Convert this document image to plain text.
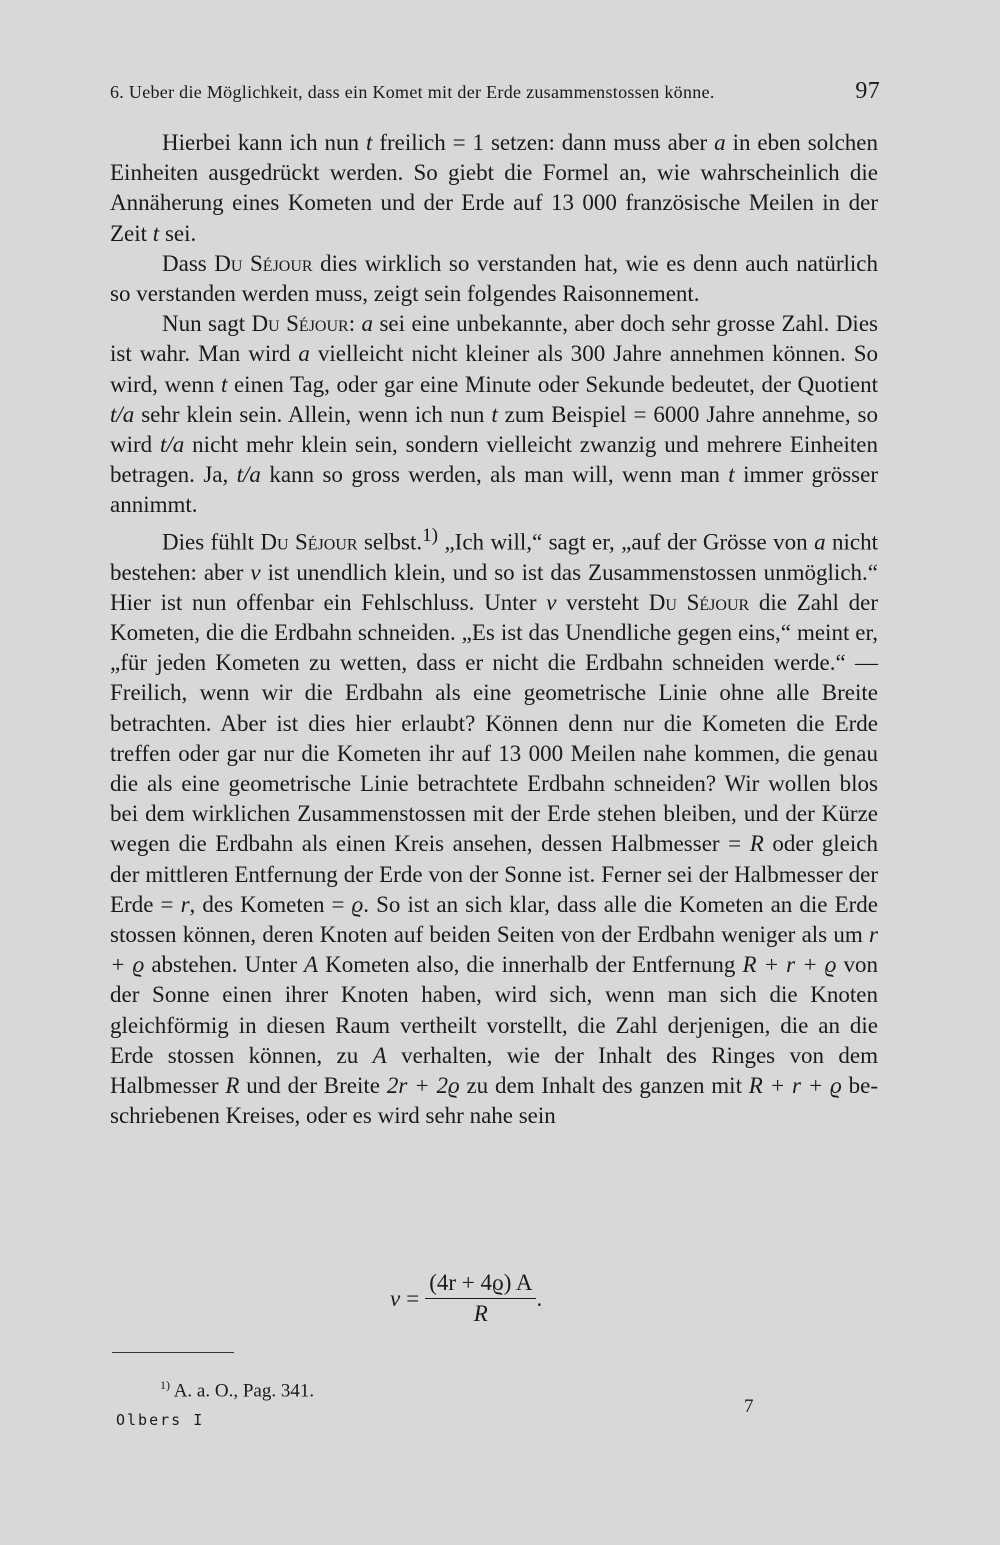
6. Ueber die Möglichkeit, dass ein Komet mit der Erde zusammenstossen könne.	97

Hierbei kann ich nun t freilich = 1 setzen: dann muss aber a in eben solchen Einheiten ausgedrückt werden. So giebt die Formel an, wie wahrscheinlich die Annäherung eines Kometen und der Erde auf 13 000 französische Meilen in der Zeit t sei.

Dass Du Séjour dies wirklich so verstanden hat, wie es denn auch natürlich so verstanden werden muss, zeigt sein folgendes Raisonnement.

Nun sagt Du Séjour: a sei eine unbekannte, aber doch sehr grosse Zahl. Dies ist wahr. Man wird a vielleicht nicht kleiner als 300 Jahre annehmen können. So wird, wenn t einen Tag, oder gar eine Minute oder Sekunde bedeutet, der Quotient t/a sehr klein sein. Allein, wenn ich nun t zum Beispiel = 6000 Jahre annehme, so wird t/a nicht mehr klein sein, sondern vielleicht zwanzig und mehrere Einheiten betragen. Ja, t/a kann so gross werden, als man will, wenn man t immer grösser annimmt.

Dies fühlt Du Séjour selbst.$^{1)}$ „Ich will,“ sagt er, „auf der Grösse von a nicht bestehen: aber ν ist unendlich klein, und so ist das Zusammenstossen unmöglich.“ Hier ist nun offenbar ein Fehlschluss. Unter ν versteht Du Séjour die Zahl der Kometen, die die Erdbahn schneiden. „Es ist das Unendliche gegen eins,“ meint er, „für jeden Kometen zu wetten, dass er nicht die Erdbahn schneiden werde.“ — Freilich, wenn wir die Erdbahn als eine geometrische Linie ohne alle Breite betrachten. Aber ist dies hier erlaubt? Können denn nur die Kometen die Erde treffen oder gar nur die Kometen ihr auf 13 000 Meilen nahe kommen, die genau die als eine geometrische Linie betrachtete Erdbahn schneiden? Wir wollen blos bei dem wirklichen Zusammenstossen mit der Erde stehen bleiben, und der Kürze wegen die Erdbahn als einen Kreis ansehen, dessen Halbmesser = R oder gleich der mittleren Entfernung der Erde von der Sonne ist. Ferner sei der Halbmesser der Erde = r, des Kometen = ϱ. So ist an sich klar, dass alle die Kometen an die Erde stossen können, deren Knoten auf beiden Seiten von der Erdbahn weniger als um r + ϱ abstehen. Unter A Kometen also, die innerhalb der Entfernung R + r + ϱ von der Sonne einen ihrer Knoten haben, wird sich, wenn man sich die Knoten gleichförmig in diesen Raum vertheilt vorstellt, die Zahl derjenigen, die an die Erde stossen können, zu A verhalten, wie der Inhalt des Ringes von dem Halbmesser R und der Breite 2r + 2ϱ zu dem Inhalt des ganzen mit R + r + ϱ beschriebenen Kreises, oder es wird sehr nahe sein

$\nu = \frac{(4r + 4ϱ) A}{R}$ .
$^{1)}$ A. a. O., Pag. 341.
Olbers I
7
